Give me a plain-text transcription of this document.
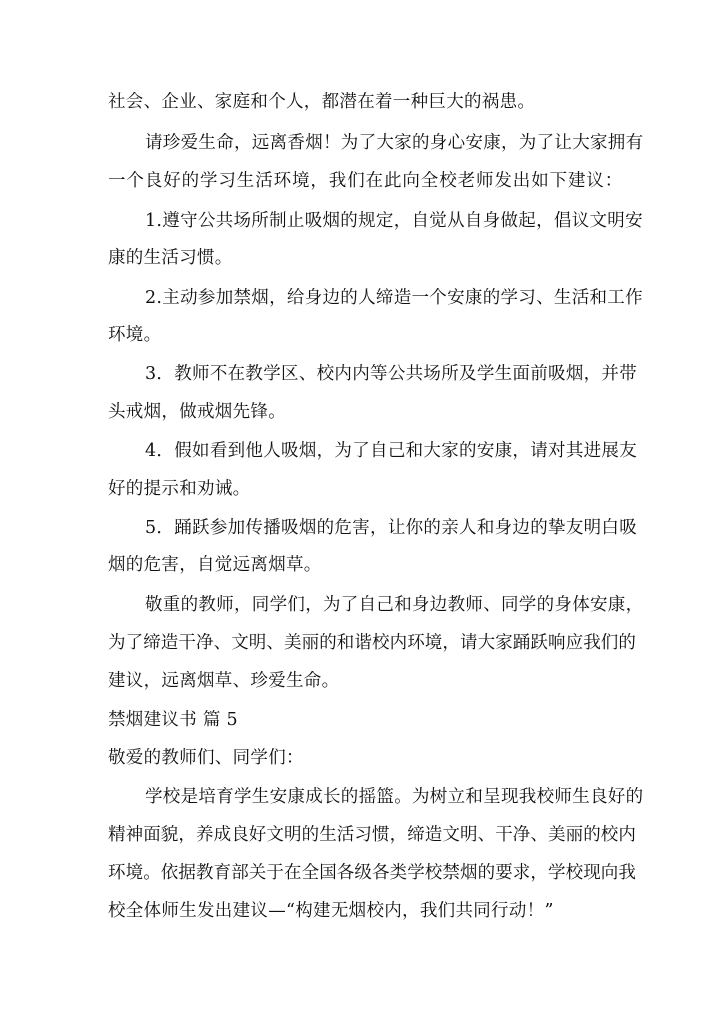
社会、企业、家庭和个人，都潜在着一种巨大的祸患。
请珍爱生命，远离香烟！为了大家的身心安康，为了让大家拥有
一个良好的学习生活环境，我们在此向全校老师发出如下建议：
1.遵守公共场所制止吸烟的规定，自觉从自身做起，倡议文明安
康的生活习惯。
2.主动参加禁烟，给身边的人缔造一个安康的学习、生活和工作
环境。
3．教师不在教学区、校内内等公共场所及学生面前吸烟，并带
头戒烟，做戒烟先锋。
4．假如看到他人吸烟，为了自己和大家的安康，请对其进展友
好的提示和劝诫。
5．踊跃参加传播吸烟的危害，让你的亲人和身边的挚友明白吸
烟的危害，自觉远离烟草。
敬重的教师，同学们，为了自己和身边教师、同学的身体安康，
为了缔造干净、文明、美丽的和谐校内环境，请大家踊跃响应我们的
建议，远离烟草、珍爱生命。
禁烟建议书 篇 5
敬爱的教师们、同学们：
学校是培育学生安康成长的摇篮。为树立和呈现我校师生良好的
精神面貌，养成良好文明的生活习惯，缔造文明、干净、美丽的校内
环境。依据教育部关于在全国各级各类学校禁烟的要求，学校现向我
校全体师生发出建议—“构建无烟校内，我们共同行动！”
